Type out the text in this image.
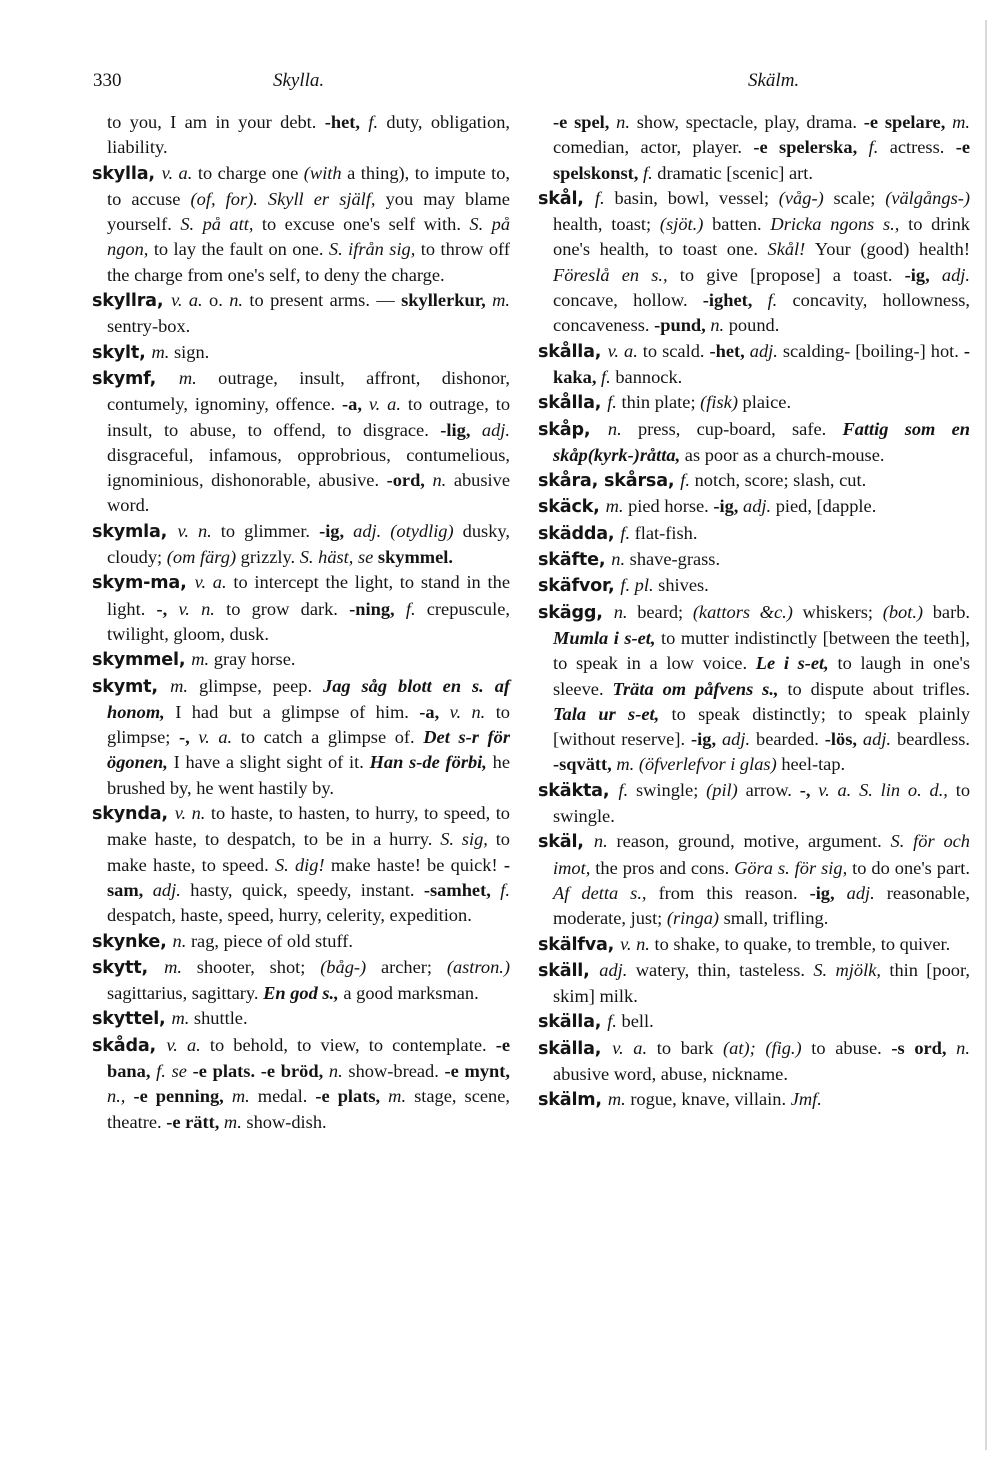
330	Skylla.	Skälm.
to you, I am in your debt. -het, f. duty, obligation, liability.
skylla, v. a. to charge one (with a thing), to impute to, to accuse (of, for). Skyll er själf, you may blame yourself. S. på att, to excuse one's self with. S. på ngon, to lay the fault on one. S. ifrån sig, to throw off the charge from one's self, to deny the charge.
skyllra, v. a. o. n. to present arms. — skyllerkur, m. sentry-box.
skylt, m. sign.
skymf, m. outrage, insult, affront, dishonor, contumely, ignominy, offence. -a, v. a. to outrage, to insult, to abuse, to offend, to disgrace. -lig, adj. disgraceful, infamous, opprobrious, contumelious, ignominious, dishonorable, abusive. -ord, n. abusive word.
skymla, v. n. to glimmer. -ig, adj. (otydlig) dusky, cloudy; (om färg) grizzly. S. häst, se skymmel.
skym-ma, v. a. to intercept the light, to stand in the light. -, v. n. to grow dark. -ning, f. crepuscule, twilight, gloom, dusk.
skymmel, m. gray horse.
skymt, m. glimpse, peep. Jag såg blott en s. af honom, I had but a glimpse of him. -a, v. n. to glimpse; -, v. a. to catch a glimpse of. Det s-r för ögonen, I have a slight sight of it. Han s-de förbi, he brushed by, he went hastily by.
skynda, v. n. to haste, to hasten, to hurry, to speed, to make haste, to despatch, to be in a hurry. S. sig, to make haste, to speed. S. dig! make haste! be quick! -sam, adj. hasty, quick, speedy, instant. -samhet, f. despatch, haste, speed, hurry, celerity, expedition.
skynke, n. rag, piece of old stuff.
skytt, m. shooter, shot; (båg-) archer; (astron.) sagittarius, sagittary. En god s., a good marksman.
skyttel, m. shuttle.
skåda, v. a. to behold, to view, to contemplate. -e bana, f. se -e plats. -e bröd, n. show-bread. -e mynt, n., -e penning, m. medal. -e plats, m. stage, scene, theatre. -e rätt, m. show-dish.
-e spel, n. show, spectacle, play, drama. -e spelare, m. comedian, actor, player. -e spelerska, f. actress. -e spelskonst, f. dramatic [scenic] art.
skål, f. basin, bowl, vessel; (våg-) scale; (välgångs-) health, toast; (sjöt.) batten. Dricka ngons s., to drink one's health, to toast one. Skål! Your (good) health! Föreslå en s., to give [propose] a toast. -ig, adj. concave, hollow. -ighet, f. concavity, hollowness, concaveness. -pund, n. pound.
skålla, v. a. to scald. -het, adj. scalding- [boiling-] hot. -kaka, f. bannock.
skålla, f. thin plate; (fisk) plaice.
skåp, n. press, cup-board, safe. Fattig som en skåp(kyrk-)råtta, as poor as a church-mouse.
skåra, skårsa, f. notch, score; slash, cut.
skäck, m. pied horse. -ig, adj. pied, [dapple.
skädda, f. flat-fish.
skäfte, n. shave-grass.
skäfvor, f. pl. shives.
skägg, n. beard; (kattors &c.) whiskers; (bot.) barb. Mumla i s-et, to mutter indistinctly [between the teeth], to speak in a low voice. Le i s-et, to laugh in one's sleeve. Träta om påfvens s., to dispute about trifles. Tala ur s-et, to speak distinctly; to speak plainly [without reserve]. -ig, adj. bearded. -lös, adj. beardless. -sqvätt, m. (öfverlefvor i glas) heel-tap.
skäkta, f. swingle; (pil) arrow. -, v. a. S. lin o. d., to swingle.
skäl, n. reason, ground, motive, argument. S. för och imot, the pros and cons. Göra s. för sig, to do one's part. Af detta s., from this reason. -ig, adj. reasonable, moderate, just; (ringa) small, trifling.
skälfva, v. n. to shake, to quake, to tremble, to quiver.
skäll, adj. watery, thin, tasteless. S. mjölk, thin [poor, skim] milk.
skälla, f. bell.
skälla, v. a. to bark (at); (fig.) to abuse. -s ord, n. abusive word, abuse, nickname.
skälm, m. rogue, knave, villain. Jmf.
